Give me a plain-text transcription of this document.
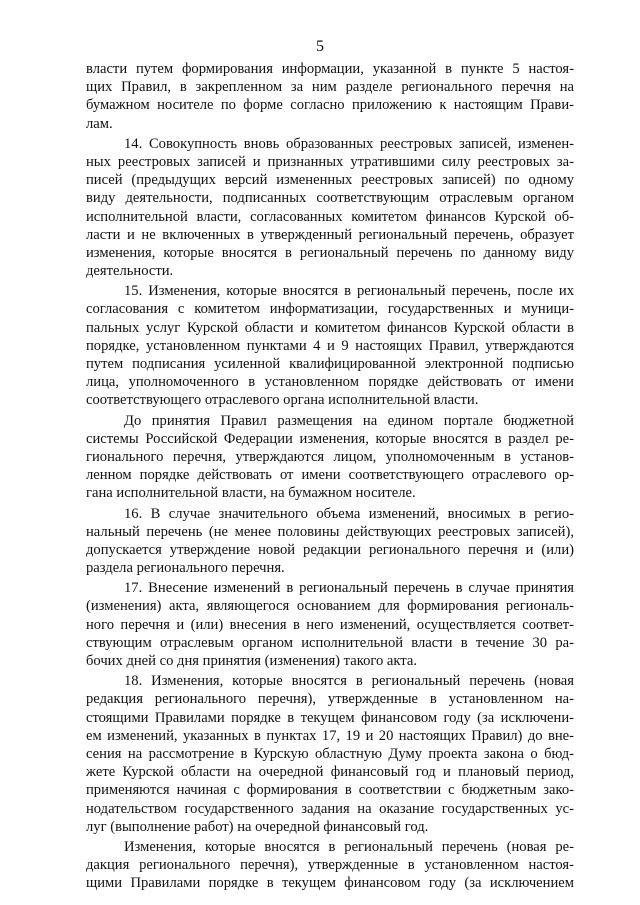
5
власти путем формирования информации, указанной в пункте 5 настоя-
щих Правил, в закрепленном за ним разделе регионального перечня на
бумажном носителе по форме согласно приложению к настоящим Прави-
лам.
14. Совокупность вновь образованных реестровых записей, изменен-
ных реестровых записей и признанных утратившими силу реестровых за-
писей (предыдущих версий измененных реестровых записей) по одному
виду деятельности, подписанных соответствующим отраслевым органом
исполнительной власти, согласованных комитетом финансов Курской об-
ласти и не включенных в утвержденный региональный перечень, образует
изменения, которые вносятся в региональный перечень по данному виду
деятельности.
15. Изменения, которые вносятся в региональный перечень, после их
согласования с комитетом информатизации, государственных и муници-
пальных услуг Курской области и комитетом финансов Курской области в
порядке, установленном пунктами 4 и 9 настоящих Правил, утверждаются
путем подписания усиленной квалифицированной электронной подписью
лица, уполномоченного в установленном порядке действовать от имени
соответствующего отраслевого органа исполнительной власти.
До принятия Правил размещения на едином портале бюджетной
системы Российской Федерации изменения, которые вносятся в раздел ре-
гионального перечня, утверждаются лицом, уполномоченным в установ-
ленном порядке действовать от имени соответствующего отраслевого ор-
гана исполнительной власти, на бумажном носителе.
16. В случае значительного объема изменений, вносимых в регио-
нальный перечень (не менее половины действующих реестровых записей),
допускается утверждение новой редакции регионального перечня и (или)
раздела регионального перечня.
17. Внесение изменений в региональный перечень в случае принятия
(изменения) акта, являющегося основанием для формирования региональ-
ного перечня и (или) внесения в него изменений, осуществляется соответ-
ствующим отраслевым органом исполнительной власти в течение 30 ра-
бочих дней со дня принятия (изменения) такого акта.
18. Изменения, которые вносятся в региональный перечень (новая
редакция регионального перечня), утвержденные в установленном на-
стоящими Правилами порядке в текущем финансовом году (за исключени-
ем изменений, указанных в пунктах 17, 19 и 20 настоящих Правил) до вне-
сения на рассмотрение в Курскую областную Думу проекта закона о бюд-
жете Курской области на очередной финансовый год и плановый период,
применяются начиная с формирования в соответствии с бюджетным зако-
нодательством государственного задания на оказание государственных ус-
луг (выполнение работ) на очередной финансовый год.
Изменения, которые вносятся в региональный перечень (новая ре-
дакция регионального перечня), утвержденные в установленном настоя-
щими Правилами порядке в текущем финансовом году (за исключением
